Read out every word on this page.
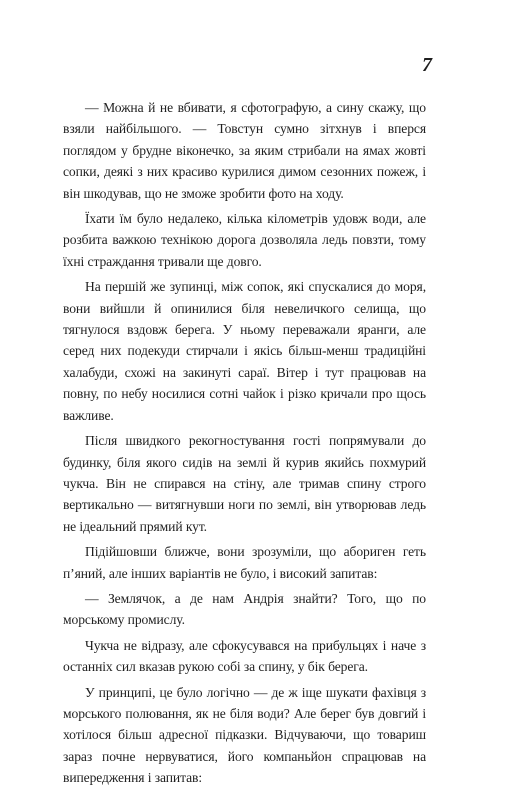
7

— Можна й не вбивати, я сфотографую, а сину скажу, що взяли найбільшого. — Товстун сумно зітхнув і вперся поглядом у брудне віконечко, за яким стрибали на ямах жовті сопки, деякі з них красиво курилися димом сезонних пожеж, і він шкодував, що не зможе зробити фото на ходу.

Їхати їм було недалеко, кілька кілометрів удовж води, але розбита важкою технікою дорога дозволяла ледь повзти, тому їхні страждання тривали ще довго.

На першій же зупинці, між сопок, які спускалися до моря, вони вийшли й опинилися біля невеличкого селища, що тягнулося вздовж берега. У ньому переважали яранги, але серед них подекуди стирчали і якісь більш-менш традиційні халабуди, схожі на закинуті сараї. Вітер і тут працював на повну, по небу носилися сотні чайок і різко кричали про щось важливе.

Після швидкого рекогностування гості попрямували до будинку, біля якого сидів на землі й курив якийсь похмурий чукча. Він не спирався на стіну, але тримав спину строго вертикально — витягнувши ноги по землі, він утворював ледь не ідеальний прямий кут.

Підійшовши ближче, вони зрозуміли, що абориген геть п’яний, але інших варіантів не було, і високий запитав:

— Землячок, а де нам Андрія знайти? Того, що по морському промислу.

Чукча не відразу, але сфокусувався на прибульцях і наче з останніх сил вказав рукою собі за спину, у бік берега.

У принципі, це було логічно — де ж іще шукати фахівця з морського полювання, як не біля води? Але берег був довгий і хотілося більш адресної підказки. Відчуваючи, що товариш зараз почне нервуватися, його компаньйон спрацював на випередження і запитав:
